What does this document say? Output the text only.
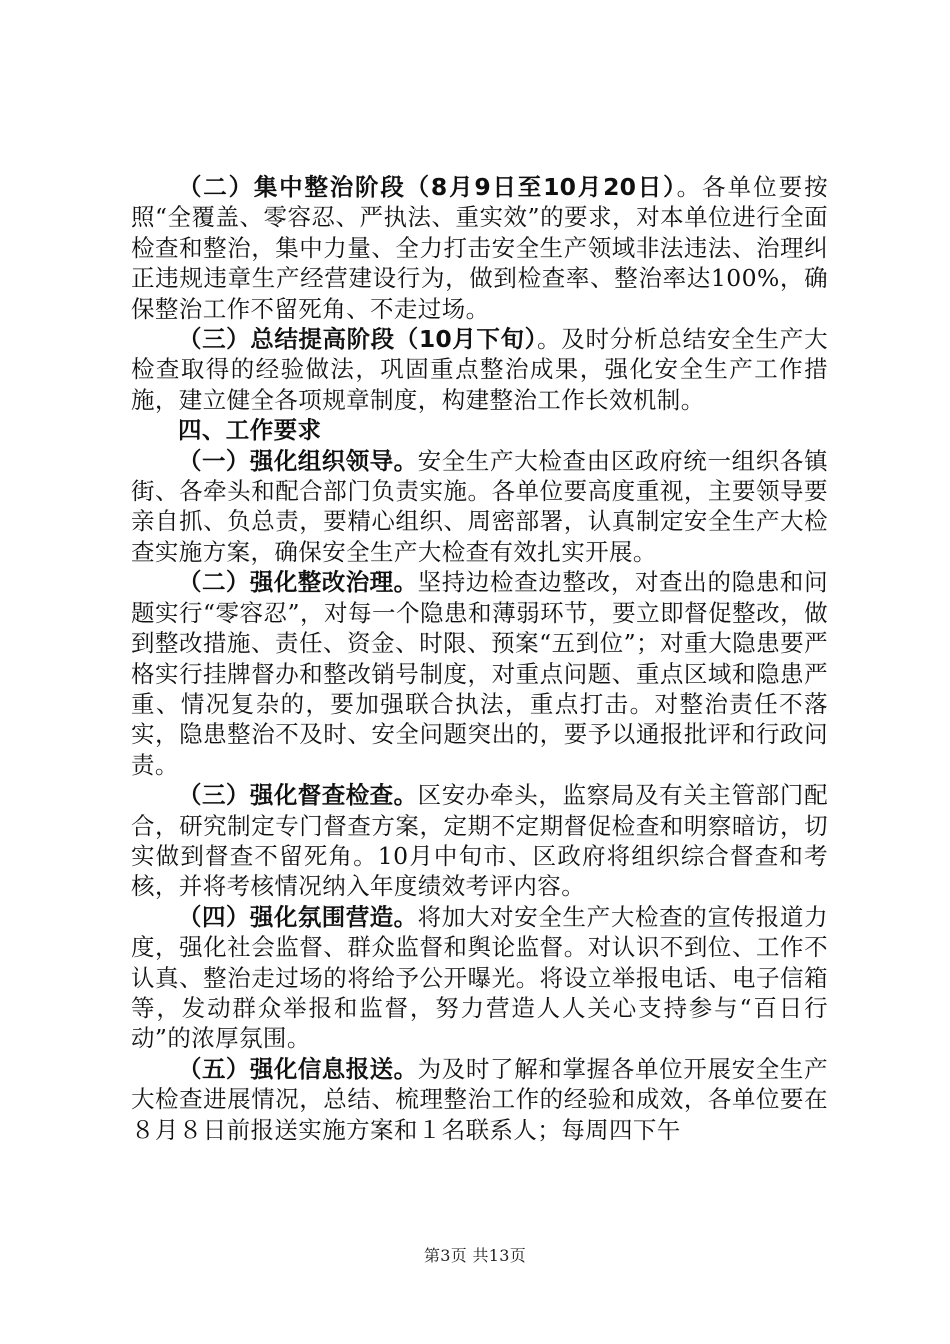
（二）集中整治阶段（8月9日至10月20日）。各单位要按照“全覆盖、零容忍、严执法、重实效”的要求，对本单位进行全面检查和整治，集中力量、全力打击安全生产领域非法违法、治理纠正违规违章生产经营建设行为，做到检查率、整治率达100%，确保整治工作不留死角、不走过场。

（三）总结提高阶段（10月下旬）。及时分析总结安全生产大检查取得的经验做法，巩固重点整治成果，强化安全生产工作措施，建立健全各项规章制度，构建整治工作长效机制。

四、工作要求

（一）强化组织领导。安全生产大检查由区政府统一组织各镇街、各牵头和配合部门负责实施。各单位要高度重视，主要领导要亲自抓、负总责，要精心组织、周密部署，认真制定安全生产大检查实施方案，确保安全生产大检查有效扎实开展。

（二）强化整改治理。坚持边检查边整改，对查出的隐患和问题实行“零容忍”，对每一个隐患和薄弱环节，要立即督促整改，做到整改措施、责任、资金、时限、预案“五到位”；对重大隐患要严格实行挂牌督办和整改销号制度，对重点问题、重点区域和隐患严重、情况复杂的，要加强联合执法，重点打击。对整治责任不落实，隐患整治不及时、安全问题突出的，要予以通报批评和行政问责。

（三）强化督查检查。区安办牵头，监察局及有关主管部门配合，研究制定专门督查方案，定期不定期督促检查和明察暗访，切实做到督查不留死角。10月中旬市、区政府将组织综合督查和考核，并将考核情况纳入年度绩效考评内容。

（四）强化氛围营造。将加大对安全生产大检查的宣传报道力度，强化社会监督、群众监督和舆论监督。对认识不到位、工作不认真、整治走过场的将给予公开曝光。将设立举报电话、电子信箱等，发动群众举报和监督，努力营造人人关心支持参与“百日行动”的浓厚氛围。

（五）强化信息报送。为及时了解和掌握各单位开展安全生产大检查进展情况，总结、梳理整治工作的经验和成效，各单位要在８月８日前报送实施方案和１名联系人；每周四下午

第3页 共13页
